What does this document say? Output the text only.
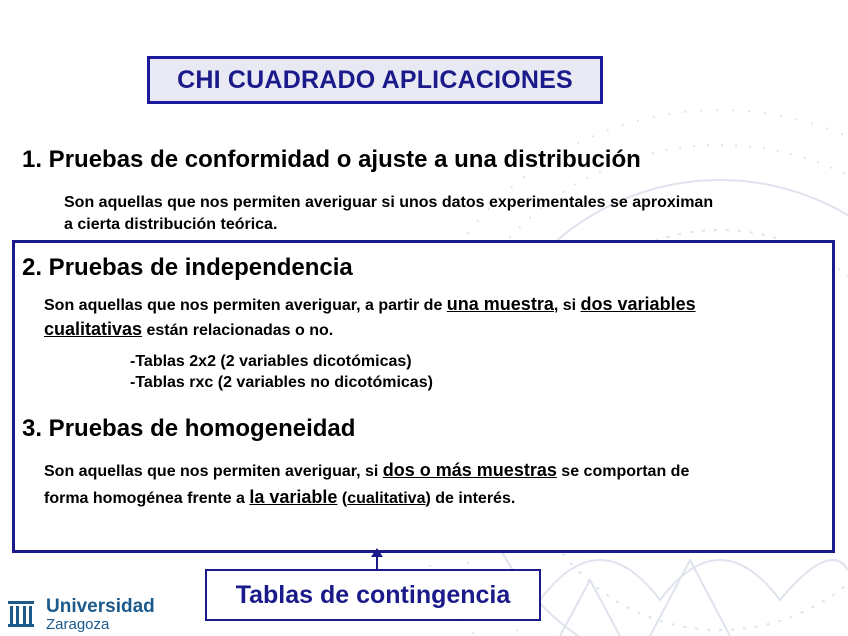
CHI CUADRADO APLICACIONES
1. Pruebas de conformidad o ajuste a una distribución

Son aquellas que nos permiten averiguar si unos datos experimentales se aproximan

a cierta distribución teórica.

2. Pruebas de independencia

Son aquellas que nos permiten averiguar, a partir de una muestra, si dos variables

cualitativas están relacionadas o no.

-Tablas 2x2 (2 variables dicotómicas)

-Tablas rxc (2 variables no dicotómicas)

3. Pruebas de homogeneidad

Son aquellas que nos permiten averiguar, si dos o más muestras se comportan de

forma homogénea frente a la variable (cualitativa) de interés.

Tablas de contingencia
Universidad
Zaragoza
